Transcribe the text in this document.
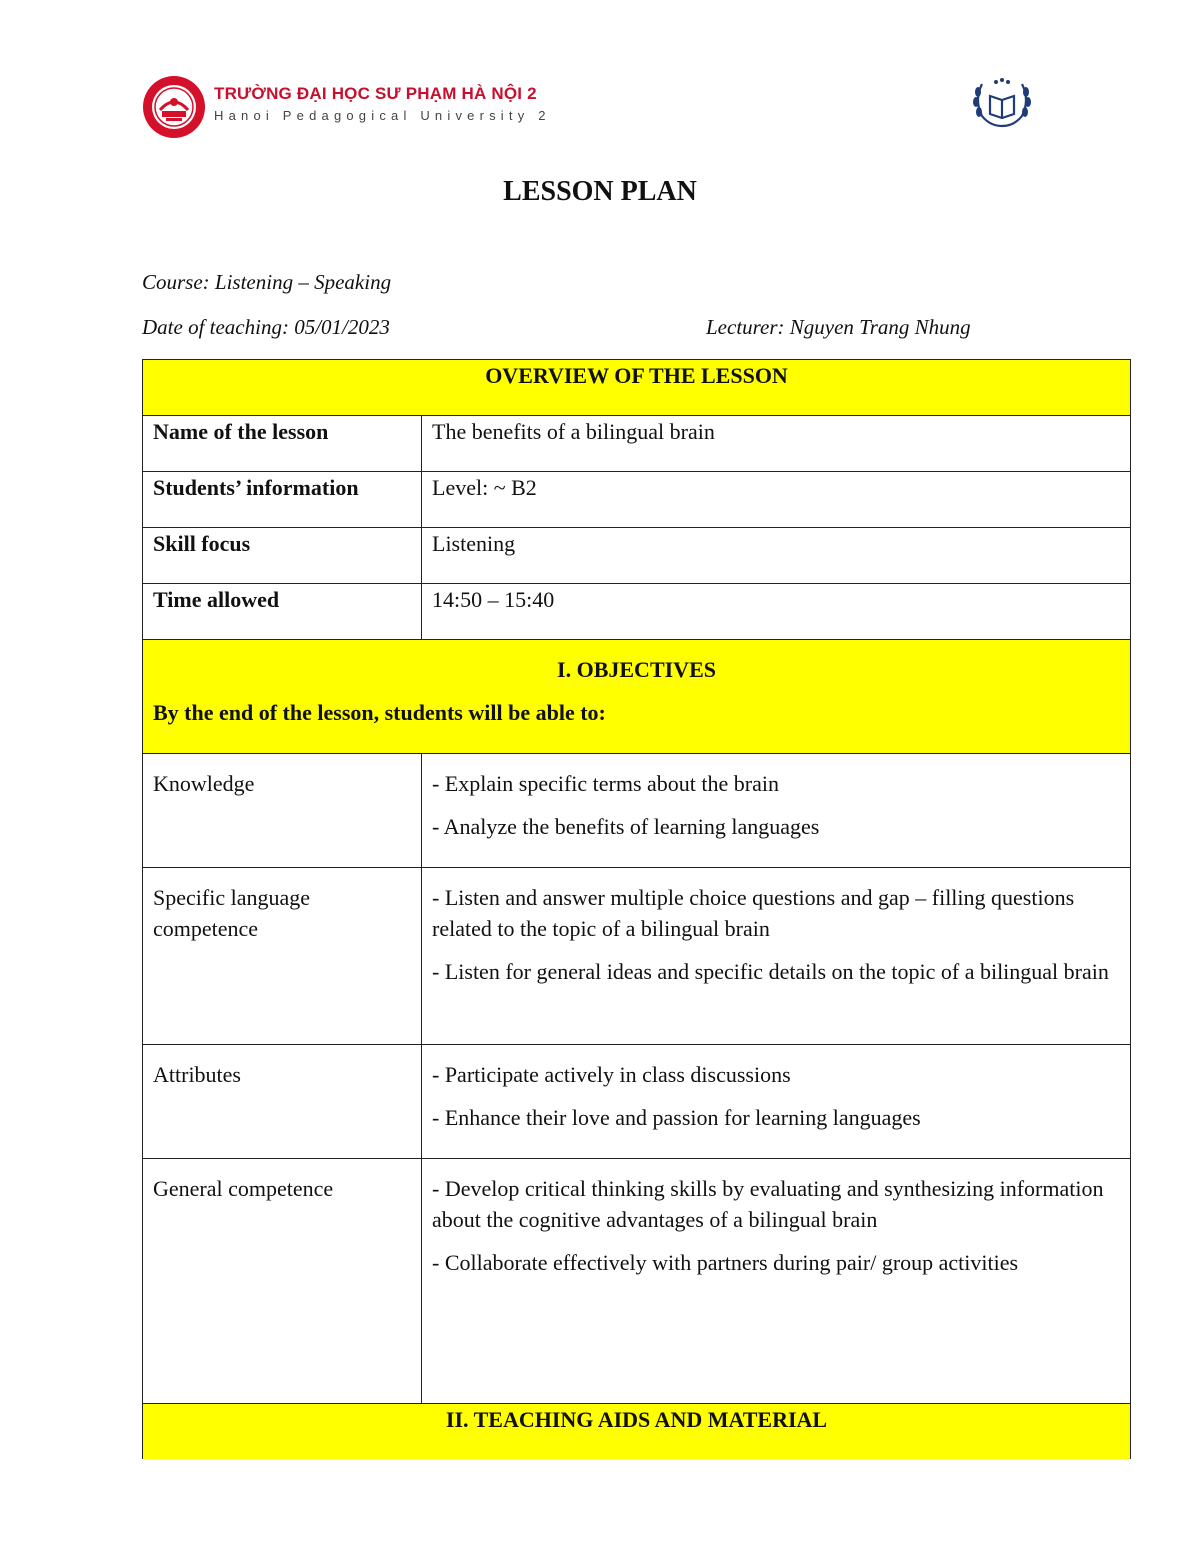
TRƯỜNG ĐẠI HỌC SƯ PHẠM HÀ NỘI 2
Hanoi Pedagogical University 2
LESSON PLAN
Course: Listening – Speaking
Date of teaching: 05/01/2023	Lecturer: Nguyen Trang Nhung
OVERVIEW OF THE LESSON	
Name of the lesson	The benefits of a bilingual brain
Students’ information	Level: ~ B2
Skill focus	Listening
Time allowed	14:50 – 15:40

I. OBJECTIVES
By the end of the lesson, students will be able to:	

Knowledge	- Explain specific terms about the brain
- Analyze the benefits of learning languages

Specific language competence	- Listen and answer multiple choice questions and gap – filling questions related to the topic of a bilingual brain
- Listen for general ideas and specific details on the topic of a bilingual brain

Attributes	- Participate actively in class discussions
- Enhance their love and passion for learning languages

General competence	- Develop critical thinking skills by evaluating and synthesizing information about the cognitive advantages of a bilingual brain
- Collaborate effectively with partners during pair/ group activities

II. TEACHING AIDS AND MATERIAL	
